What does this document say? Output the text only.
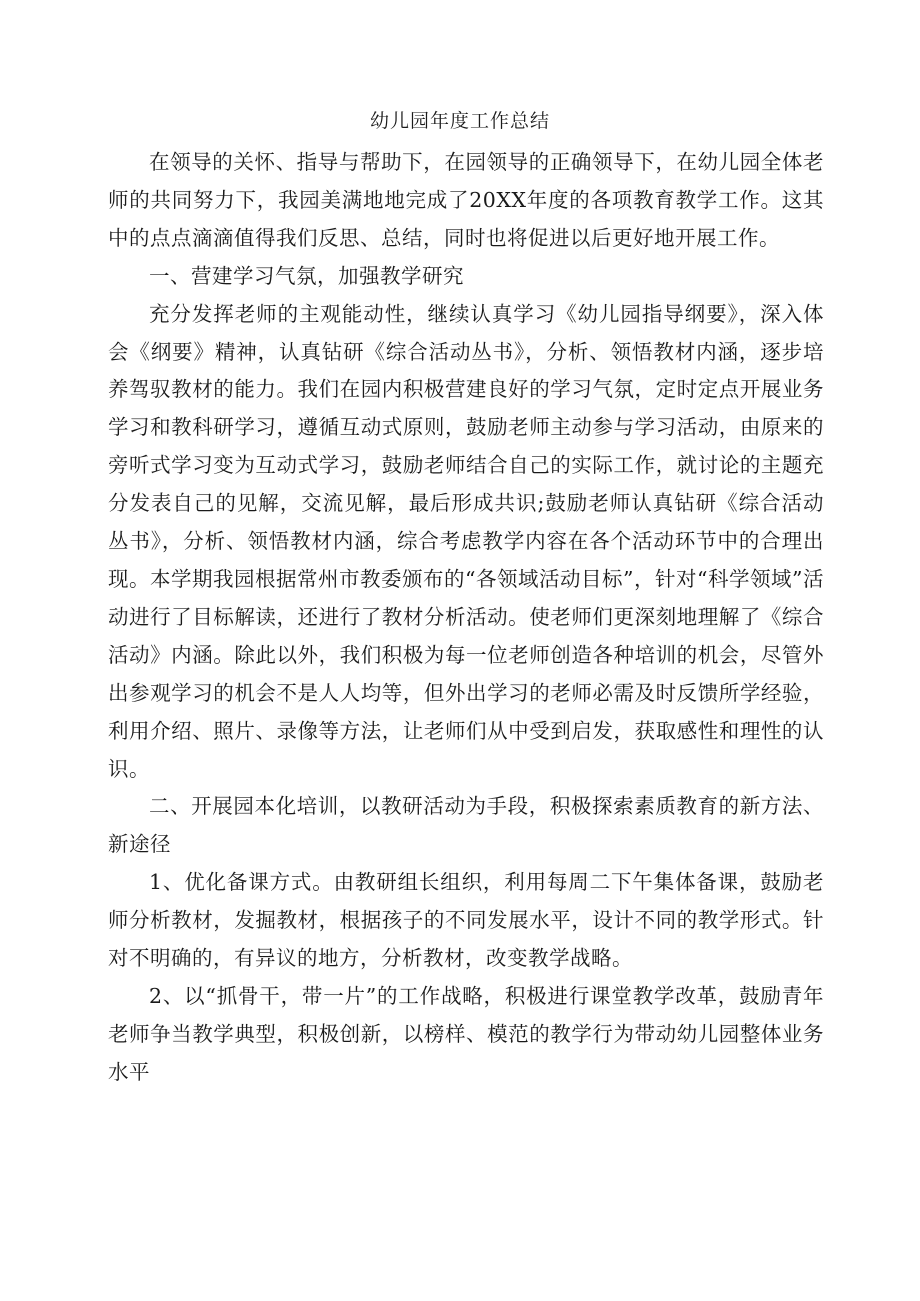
幼儿园年度工作总结

在领导的关怀、指导与帮助下，在园领导的正确领导下，在幼儿园全体老师的共同努力下，我园美满地地完成了20XX年度的各项教育教学工作。这其中的点点滴滴值得我们反思、总结，同时也将促进以后更好地开展工作。

一、营建学习气氛，加强教学研究

充分发挥老师的主观能动性，继续认真学习《幼儿园指导纲要》，深入体会《纲要》精神，认真钻研《综合活动丛书》，分析、领悟教材内涵，逐步培养驾驭教材的能力。我们在园内积极营建良好的学习气氛，定时定点开展业务学习和教科研学习，遵循互动式原则，鼓励老师主动参与学习活动，由原来的旁听式学习变为互动式学习，鼓励老师结合自己的实际工作，就讨论的主题充分发表自己的见解，交流见解，最后形成共识;鼓励老师认真钻研《综合活动丛书》，分析、领悟教材内涵，综合考虑教学内容在各个活动环节中的合理出现。本学期我园根据常州市教委颁布的“各领域活动目标”，针对“科学领域”活动进行了目标解读，还进行了教材分析活动。使老师们更深刻地理解了《综合活动》内涵。除此以外，我们积极为每一位老师创造各种培训的机会，尽管外出参观学习的机会不是人人均等，但外出学习的老师必需及时反馈所学经验，利用介绍、照片、录像等方法，让老师们从中受到启发，获取感性和理性的认识。

二、开展园本化培训，以教研活动为手段，积极探索素质教育的新方法、新途径

1、优化备课方式。由教研组长组织，利用每周二下午集体备课，鼓励老师分析教材，发掘教材，根据孩子的不同发展水平，设计不同的教学形式。针对不明确的，有异议的地方，分析教材，改变教学战略。

2、以“抓骨干，带一片”的工作战略，积极进行课堂教学改革，鼓励青年老师争当教学典型，积极创新，以榜样、模范的教学行为带动幼儿园整体业务水平
